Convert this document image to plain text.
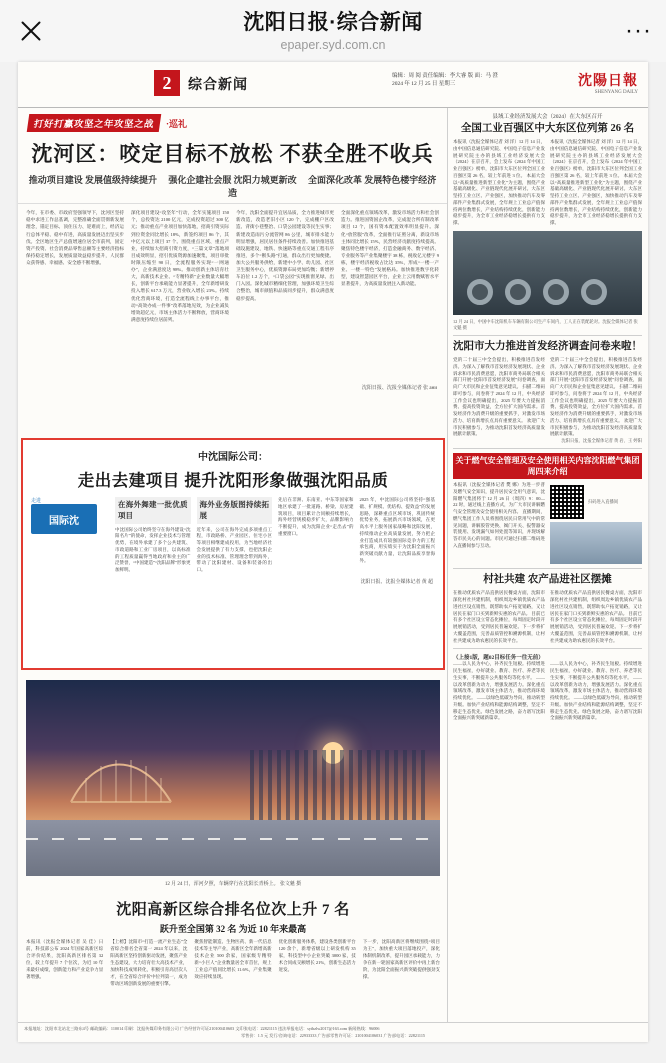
沈阳日报·综合新闻
epaper.syd.com.cn
···
2	综合新闻
编辑：周 阅 责任编辑：李大睿 版 面：马 澄
2024 年 12 月 25 日 星期三	沈陽日報
SHENYANG DAILY
打好打赢攻坚之年攻坚之战	·巡礼
沈河区：咬定目标不放松 不获全胜不收兵
推动项目建设 发展值级持续提升	强化企建社会服 沈阳力城更新改造
全面深化改革 发展特色楼宇经济
今年，在市委、市政府坚强领导下，沈河区坚持稳中求进工作总基调，完整准确全面贯彻新发展理念，锚定目标、顶住压力、迎难而上，经济运行总体平稳、稳中有进，高质量发展迈出坚实步伐。全区地区生产总值增速位居全市前列，固定资产投资、社会消费品零售总额等主要经济指标保持稳定增长，发展质量效益稳步提升，人民群众获得感、幸福感、安全感不断增强。
深化项目建设“攻坚年”行动，全年实施项目 150 个，总投资达 2100 亿元，完成投资超过 300 亿元；推动重点产业项目加快落地，招商引资实际到位资金同比增长 18%，新签约项目 86 个，其中亿元以上项目 37 个。围绕重点区域、重点产业，持续加大招商引资力度，“三篇文章”落地项目成效明显，招引优质资源加速聚集，项目审批时限压缩至 90 日，全流程服务实现“一网通办”，企业满意度达 98%。推动创新主体培育壮大，高新技术企业、“专精特新”企业数量大幅增长，创新平台承载能力显著提升，全年新增研发投入增长 617.3 万元，营业收入增长 23%。持续优化营商环境，打造全流程线上办事平台，推动“高效办成一件事”改革落地见效，为企业减负增效超亿元，市场主体活力不断释放，营商环境满意度持续位居前列。
今年，沈阳全面提升宜居品质，全力推进城市更新改造，改造老旧小区 120 个，完成棚户区改造、背街小巷整治、口袋公园建设等民生实事；新建改造雨污分流管网 86 公里，城市排水能力明显增强，居民居住条件持续改善。加快推进基础设施建设，地铁、快速路等重点交通工程有序推进，多个“断头路”打通，群众出行更加便捷。加大公共服务供给，新建中小学、幼儿园、社区卫生服务中心，优质资源布局更加均衡；新增停车泊位 1.2 万个，“口袋公园”实现推窗见绿、出门入园。深化城市精细化管理，加强环境卫生综合整治，城市颜值和品质同步提升，群众满意度稳步提高。
全面深化重点领域改革，激发市场活力和社会创造力。推进国资国企改革，完成混合所有制改革项目 12 个，国有资本配置效率明显提升。深化“放管服”改革，全面推行证照分离，新设市场主体同比增长 15%，民营经济贡献度持续提高。聚焦特色楼宇经济，打造金融商务、数字经济、专业服务等产业集聚楼宇 38 栋，税收亿元楼宇 9 栋，楼宇经济税收占比达 35%，形成“一楼一产业、一楼一特色”发展格局。加快推进数字化转型，建设智慧园区平台，企业上云用数赋智水平显著提升，为高质量发展注入新动能。
沈阳日报、沈报全媒体记者 张 ани
中沈国际公司：
走出去建项目 提升沈阳形象做强沈阳品质
走进
国际沈
在海外舞建一批优质项目
中沈国际公司始终坚守在海外建设“沈阳名片”的使命，发挥企业技术与管理优势，在境外承建了多个公共建筑、市政道路和工业厂房项目，以高标准的工程质量赢得当地政府和业主的广泛赞誉，“中国建造”“沈阳品牌”形象更加鲜明。
海外业务版图持续拓展
近年来，公司在海外完成多项重点工程，市政路桥、产业园区、住宅小区等项目相继建成投用，为当地经济社会发展提供了有力支撑，也把沈阳企业的技术标准、管理理念带到海外，带动了沈阳建材、设备和装备的出口。
先后在非洲、东南亚、中东等国家和地区承建了一批道路、桥梁、房屋建筑项目，项目累计合同额持续增长，海外经营规模稳步扩大，品牌影响力不断提升，成为沈阳企业“走出去”的重要窗口。
2025 年，中沈国际公司将坚持“强基础、扩规模、优结构、提效益”的发展思路，深耕重点区域市场，巩固传统优势业务，拓展新兴市场领域，在更高水平上服务国家战略和沈阳发展，持续推动企业高质量发展，努力把企业打造成具有较强国际竞争力的工程承包商，用实绩实干为沈阳全面振兴新突破贡献力量，让沈阳品质享誉海外。
沈阳日报、沈报全媒体记者 黄 超
12 月 24 日，浑河夕照，车辆穿行在沈阳长青桥上。 张文魁 摄
沈阳高新区综合排名位次上升 7 名
跃升至全国第 32 名 为近 10 年来最高
本报讯（沈报全媒体记者 吴 佳）日前，科技部公布 2024 年国家高新区综合评价结果，沈阳高新区排名第 32 位，较上年提升 7 个位次，为近 10 年来最好成绩，创新能力和产业竞争力显著增强。
【上榜】沈阳市“打造一流产业生态”全省综合排名全省第一 2024 年以来，沈阳高新区坚持创新驱动发展，聚焦产业生态建设，大力培育壮大高技术产业，加快科技成果转化，积极引育高层次人才，在全省综合评价中位列第一，成为带动区域创新发展的重要引擎。
聚焦智能制造、生物医药、新一代信息技术等主导产业，高新区全年新增高新技术企业 500 余家，国家级专精特新“小巨人”企业数量居全市首位，规上工业总产值同比增长 11.6%，产业集聚效应持续显现。
优化创新服务体系，建设各类创新平台 120 余个，新增省级以上研发机构 35 家，科技型中小企业突破 3000 家，技术合同成交额增长 21%，创新生态活力迸发。
下一步，沈阳高新区将继续围绕“项目为王”，加快重大项目落地投产，深化体制机制改革，提升园区承载能力，力争在新一轮国家高新区评价中再上新台阶，为沈阳全面振兴新突破提供强劲支撑。
县域工业经济发展大会（2024）在大东区召开
全国工业百强区中大东区位列第 26 名
本报讯（沈报全媒体记者 刘 洋）12 月 14 日，由中国信息通信研究院、中国电子信息产业发展研究院主办的县域工业经济发展大会（2024）在京召开，会上发布《2024 年中国工业百强区》榜单，沈阳市大东区位列全国工业百强区第 26 名，较上年前进 3 位。 本届大会以“高质量推进新型工业化”为主题，围绕产业基础高级化、产业链现代化展开研讨。大东区坚持工业立区、产业强区，加快推动汽车及零部件产业集群式发展，全年规上工业总产值保持两位数增长，产业结构持续优化，创新能力稳步提升，为全市工业经济稳增长提供有力支撑。
本报讯（沈报全媒体记者 刘 洋）12 月 14 日，由中国信息通信研究院、中国电子信息产业发展研究院主办的县域工业经济发展大会（2024）在京召开，会上发布《2024 年中国工业百强区》榜单，沈阳市大东区位列全国工业百强区第 26 名，较上年前进 3 位。 本届大会以“高质量推进新型工业化”为主题，围绕产业基础高级化、产业链现代化展开研讨。大东区坚持工业立区、产业强区，加快推动汽车及零部件产业集群式发展，全年规上工业总产值保持两位数增长，产业结构持续优化，创新能力稳步提升，为全市工业经济稳增长提供有力支撑。
12 月 24 日，中国中车沈阳机车车辆有限公司生产车间内，工人正在装配轮对。沈报全媒体记者 张文魁 摄
沈阳市大力推进首发经济调查问卷来啦！
党的二十届三中全会提出，积极推进首发经济。为深入了解我市首发经济发展现状、企业诉求和市民消费意愿，沈阳市商务局联合相关部门开展“沈阳市首发经济发展”问卷调查，面向广大市民和企业征集意见建议。 扫描二维码即可参与，问卷将于 2024 年 12 月，中央经济工作会议也明确提出，2025 年要大力提振消费、提高投资效益，全方位扩大国内需求。首发经济作为消费升级的重要抓手，对激发市场活力、培育新增长点具有重要意义。 欢迎广大市民积极参与，为推动沈阳首发经济高质量发展献计献策。
党的二十届三中全会提出，积极推进首发经济。为深入了解我市首发经济发展现状、企业诉求和市民消费意愿，沈阳市商务局联合相关部门开展“沈阳市首发经济发展”问卷调查，面向广大市民和企业征集意见建议。 扫描二维码即可参与，问卷将于 2024 年 12 月，中央经济工作会议也明确提出，2025 年要大力提振消费、提高投资效益，全方位扩大国内需求。首发经济作为消费升级的重要抓手，对激发市场活力、培育新增长点具有重要意义。 欢迎广大市民积极参与，为推动沈阳首发经济高质量发展献计献策。
沈阳日报、沈报全媒体记者 黄 岩、王 婷阳
关于燃气安全管理及安全使用相关内容沈阳燃气集团周四来介绍
本报讯（沈报全媒体记者 樊 娜）为进一步普及燃气安全知识，提升居民安全用气意识，沈阳燃气集团将于 12 月 26 日（周四）9：00—22 时，通过线上直播方式，为广大市民讲解燃气安全管理及安全使用相关内容。 直播期间，燃气集团工作人员将围绕居民日常用气中的常见问题，讲解胶管更换、阀门开关、报警器安装使用、发现漏气如何处置等知识，并现场解答市民关心的问题。市民可通过扫描二维码进入直播间参与互动。
扫码进入直播间
村社共建 农产品进社区摆摊
在推动优质农产品直供居民餐桌方面，沈阳市深化村社共建机制，组织周边乡镇优质农产品进社区设点销售，既帮助农户拓宽销路，又让居民在家门口买到新鲜实惠的农产品。 目前已有多个社区设立常态化摊位，每周固定时段开展展销活动，受到居民普遍欢迎。下一步将扩大覆盖范围，完善品质管控和溯源机制，让村社共建成为助农惠民的长效平台。
在推动优质农产品直供居民餐桌方面，沈阳市深化村社共建机制，组织周边乡镇优质农产品进社区设点销售，既帮助农户拓宽销路，又让居民在家门口买到新鲜实惠的农产品。 目前已有多个社区设立常态化摊位，每周固定时段开展展销活动，受到居民普遍欢迎。下一步将扩大覆盖范围，完善品质管控和溯源机制，让村社共建成为助农惠民的长效平台。
（上接1版，题02目标任务一往无前）
——以人民为中心，补齐民生短板。持续增进民生福祉，办好就业、教育、医疗、养老等民生实事，不断提升公共服务均等化水平。 ——以改革创新为动力，增强发展活力。深化重点领域改革，激发市场主体活力，推动营商环境持续优化。 ——以绿色低碳为导向，推动转型升级。加快产业结构和能源结构调整，坚定不移走生态优先、绿色发展之路，奋力谱写沈阳全面振兴新突破新篇章。
——以人民为中心，补齐民生短板。持续增进民生福祉，办好就业、教育、医疗、养老等民生实事，不断提升公共服务均等化水平。 ——以改革创新为动力，增强发展活力。深化重点领域改革，激发市场主体活力，推动营商环境持续优化。 ——以绿色低碳为导向，推动转型升级。加快产业结构和能源结构调整，坚定不移走生态优先、绿色发展之路，奋力谱写沈阳全面振兴新突破新篇章。
本报地址：沈阳市北站北三路东4号 邮政编码：110014 印刷：沈报传媒印务有限公司 广告经营许可证210100410603 文印张电话：22821115 违法举报电话：sytbzlw2017@163.com 新闻热线：96006
零售价：1.5 元 发行/咨询电话：22933333 广告部零售许可证：2101004106031 广告部电话：22821115
